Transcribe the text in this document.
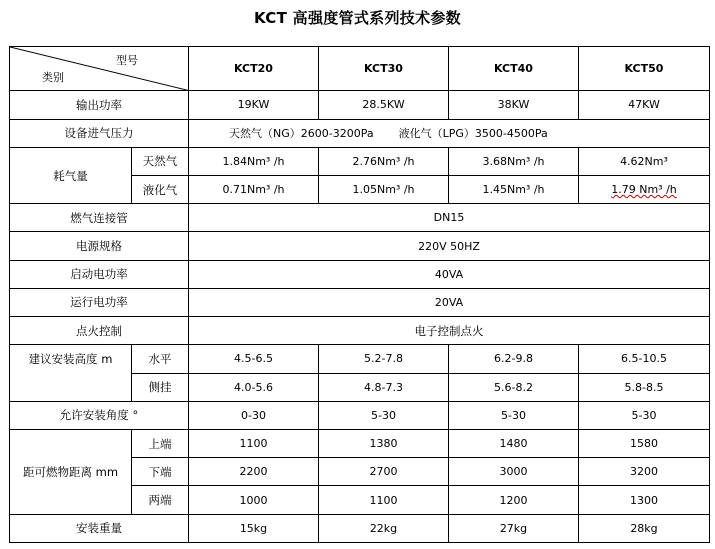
KCT 高强度管式系列技术参数
型号
类别		KCT20	KCT30	KCT40	KCT50
输出功率		19KW	28.5KW	38KW	47KW
设备进气压力		天然气（NG）2600-3200Pa 液化气（LPG）3500-4500Pa			
耗气量	天然气	1.84Nm³ /h	2.76Nm³ /h	3.68Nm³ /h	4.62Nm³
	液化气	0.71Nm³ /h	1.05Nm³ /h	1.45Nm³ /h	1.79 Nm³ /h
燃气连接管		DN15			
电源规格		220V 50HZ			
启动电功率		40VA			
运行电功率		20VA			
点火控制		电子控制点火			
建议安装高度 m	水平	4.5-6.5	5.2-7.8	6.2-9.8	6.5-10.5
	侧挂	4.0-5.6	4.8-7.3	5.6-8.2	5.8-8.5
允许安装角度 °		0-30	5-30	5-30	5-30
距可燃物距离 mm	上端	1100	1380	1480	1580
	下端	2200	2700	3000	3200
	两端	1000	1100	1200	1300
安装重量		15kg	22kg	27kg	28kg
